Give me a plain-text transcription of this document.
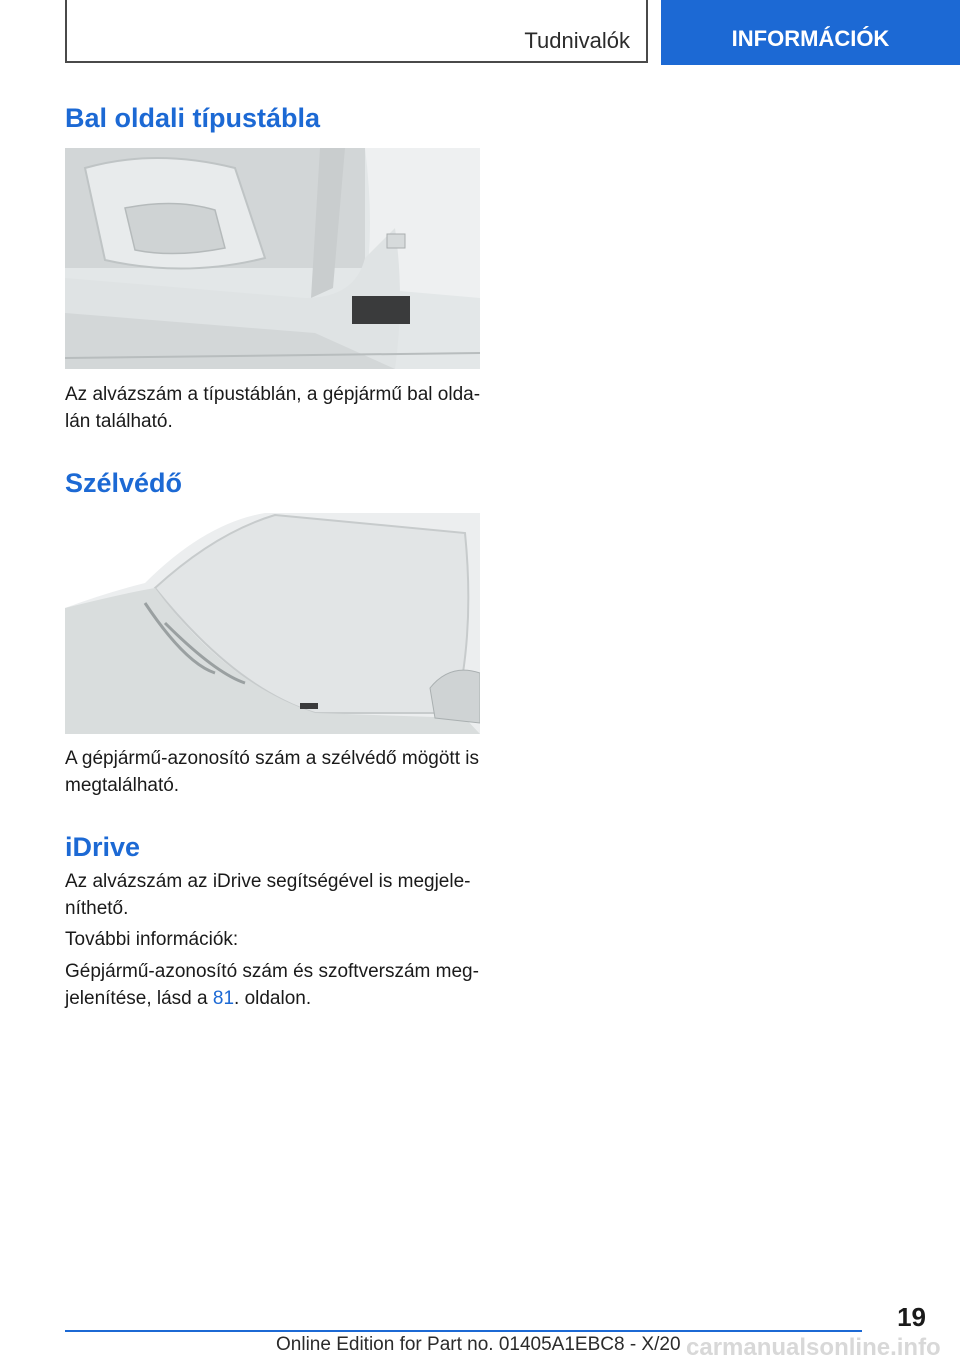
Tudnivalók	INFORMÁCIÓK
Bal oldali típustábla

Az alvázszám a típustáblán, a gépjármű bal olda- lán található.

Szélvédő

A gépjármű-azonosító szám a szélvédő mögött is megtalálható.

iDrive

Az alvázszám az iDrive segítségével is megjele- níthető.

További információk:

Gépjármű-azonosító szám és szoftverszám meg- jelenítése, lásd a 81. oldalon.

19
Online Edition for Part no. 01405A1EBC8 - X/20 carmanualsonline.info
